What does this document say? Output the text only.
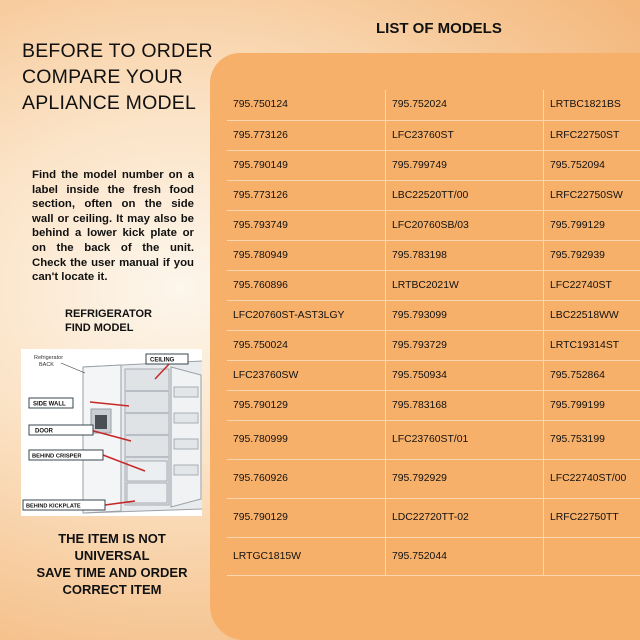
BEFORE TO ORDER
COMPARE YOUR
APLIANCE MODEL
Find the model number on a label inside the fresh food section, often on the side wall or ceiling. It may also be behind a lower kick plate or on the back of the unit. Check the user manual if you can't locate it.
REFRIGERATOR
FIND MODEL
Refrigerator
BACK
CEILING
SIDE WALL
DOOR
BEHIND CRISPER
BEHIND KICKPLATE
THE ITEM IS NOT
UNIVERSAL
SAVE TIME AND ORDER
CORRECT ITEM
LIST OF MODELS
795.750124	795.752024	LRTBC1821BS
795.773126	LFC23760ST	LRFC22750ST
795.790149	795.799749	795.752094
795.773126	LBC22520TT/00	LRFC22750SW
795.793749	LFC20760SB/03	795.799129
795.780949	795.783198	795.792939
795.760896	LRTBC2021W	LFC22740ST
LFC20760ST-AST3LGY	795.793099	LBC22518WW
795.750024	795.793729	LRTC19314ST
LFC23760SW	795.750934	795.752864
795.790129	795.783168	795.799199
795.780999	LFC23760ST/01	795.753199
795.760926	795.792929	LFC22740ST/00
795.790129	LDC22720TT-02	LRFC22750TT
LRTGC1815W	795.752044	
